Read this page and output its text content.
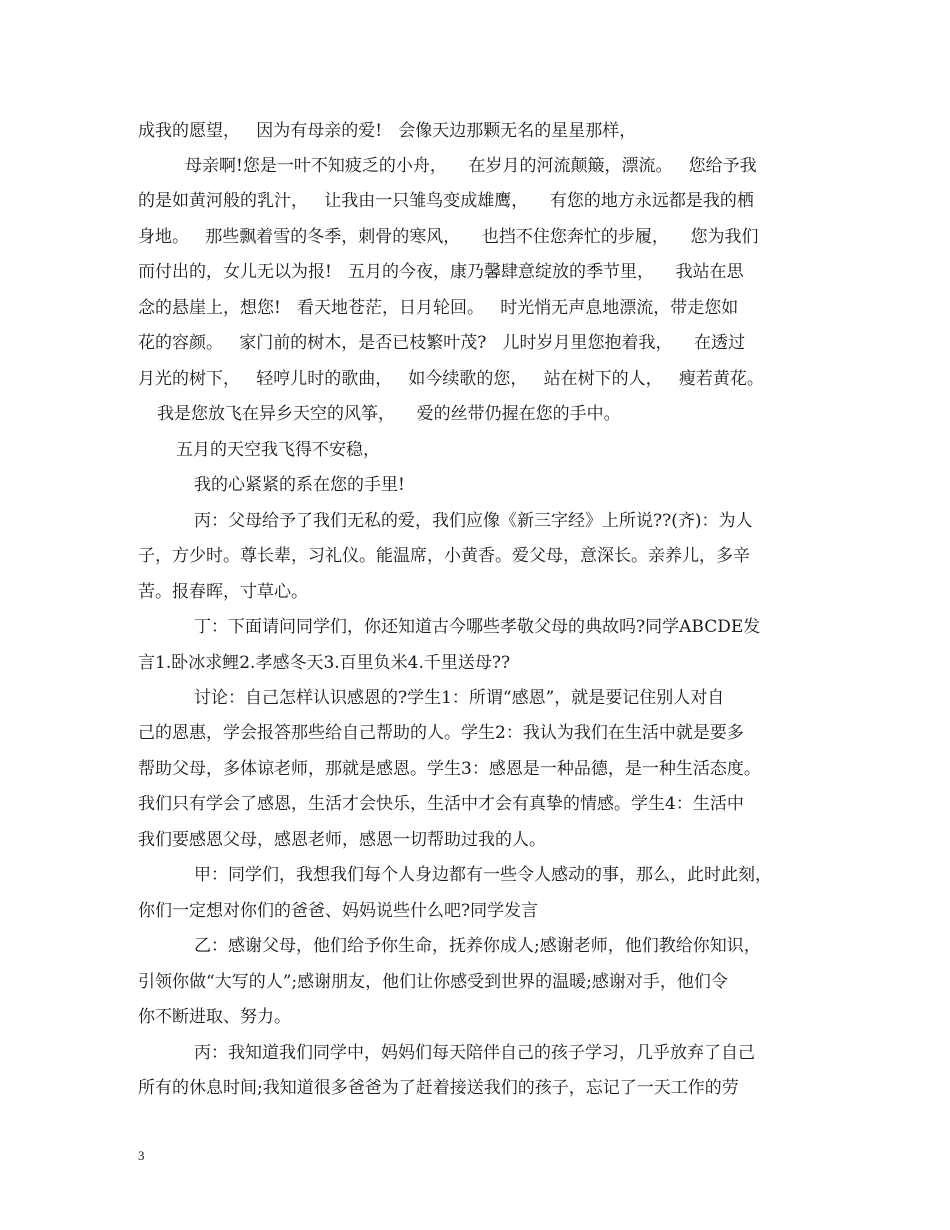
成我的愿望，   因为有母亲的爱!   会像天边那颗无名的星星那样，
母亲啊!您是一叶不知疲乏的小舟，    在岁月的河流颠簸，漂流。   您给予我
的是如黄河般的乳汁，   让我由一只雏鸟变成雄鹰，    有您的地方永远都是我的栖
身地。   那些飘着雪的冬季，刺骨的寒风，    也挡不住您奔忙的步履，    您为我们
而付出的，女儿无以为报!   五月的今夜，康乃馨肆意绽放的季节里，    我站在思
念的悬崖上，想您!   看天地苍茫，日月轮回。   时光悄无声息地漂流，带走您如
花的容颜。   家门前的树木，是否已枝繁叶茂?   儿时岁月里您抱着我，    在透过
月光的树下，   轻哼儿时的歌曲，   如今续歌的您，   站在树下的人，   瘦若黄花。
我是您放飞在异乡天空的风筝，    爱的丝带仍握在您的手中。
五月的天空我飞得不安稳，
我的心紧紧的系在您的手里!
丙：父母给予了我们无私的爱，我们应像《新三字经》上所说??(齐)：为人
子，方少时。尊长辈，习礼仪。能温席，小黄香。爱父母，意深长。亲养儿，多辛
苦。报春晖，寸草心。
丁：下面请问同学们，你还知道古今哪些孝敬父母的典故吗?同学ABCDE发
言1.卧冰求鲤2.孝感冬天3.百里负米4.千里送母??
讨论：自己怎样认识感恩的?学生1：所谓“感恩”，就是要记住别人对自
己的恩惠，学会报答那些给自己帮助的人。学生2：我认为我们在生活中就是要多
帮助父母，多体谅老师，那就是感恩。学生3：感恩是一种品德，是一种生活态度。
我们只有学会了感恩，生活才会快乐，生活中才会有真挚的情感。学生4：生活中
我们要感恩父母，感恩老师，感恩一切帮助过我的人。
甲：同学们，我想我们每个人身边都有一些令人感动的事，那么，此时此刻，
你们一定想对你们的爸爸、妈妈说些什么吧?同学发言
乙：感谢父母，他们给予你生命，抚养你成人;感谢老师，他们教给你知识，
引领你做“大写的人”;感谢朋友，他们让你感受到世界的温暖;感谢对手，他们令
你不断进取、努力。
丙：我知道我们同学中，妈妈们每天陪伴自己的孩子学习，几乎放弃了自己
所有的休息时间;我知道很多爸爸为了赶着接送我们的孩子，忘记了一天工作的劳
3
